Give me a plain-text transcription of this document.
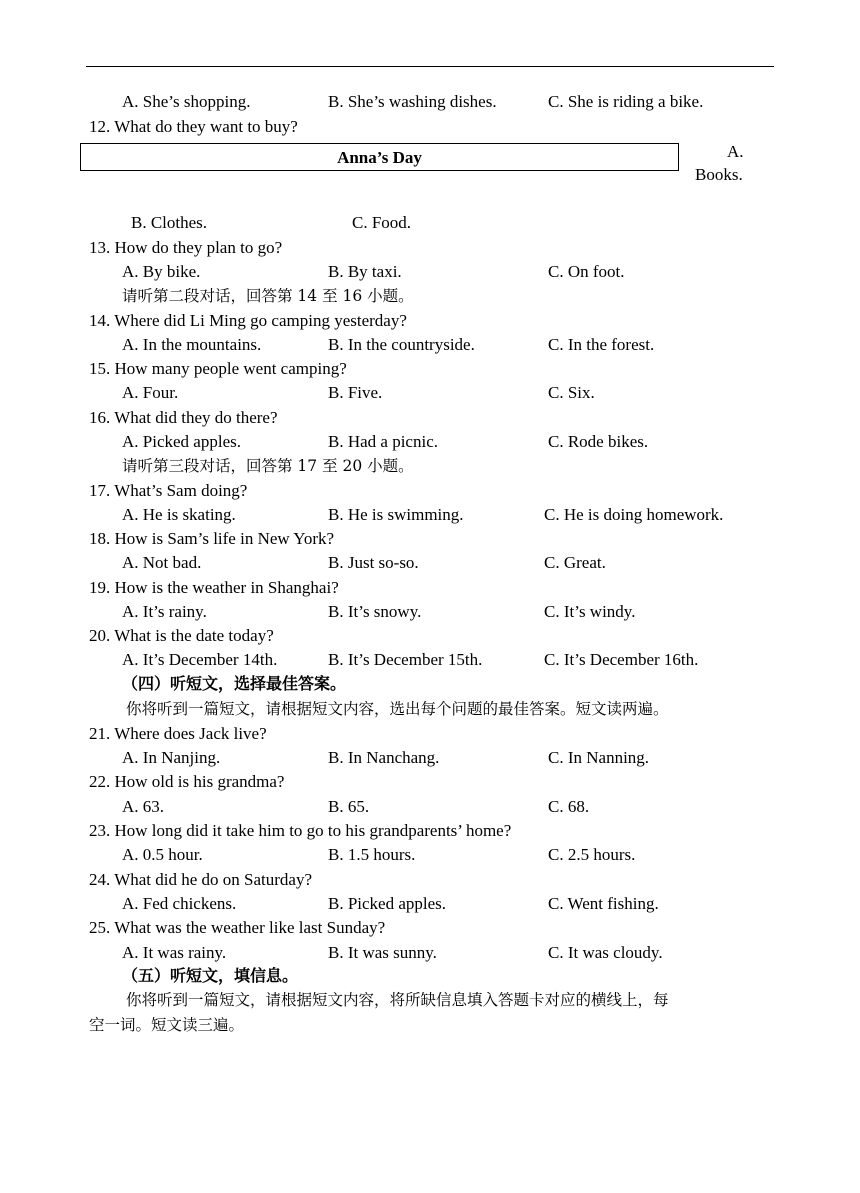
A. She’s shopping.	B. She’s washing dishes.	C. She is riding a bike.
12. What do they want to buy?
Anna’s Day	A.
Books.
B. Clothes.	C. Food.
13. How do they plan to go?
A. By bike.	B. By taxi.	C. On foot.
请听第二段对话，回答第 14 至 16 小题。
14. Where did Li Ming go camping yesterday?
A. In the mountains.	B. In the countryside.	C. In the forest.
15. How many people went camping?
A. Four.	B. Five.	C. Six.
16. What did they do there?
A. Picked apples.	B. Had a picnic.	C. Rode bikes.
请听第三段对话，回答第 17 至 20 小题。
17. What’s Sam doing?
A. He is skating.	B. He is swimming.	C. He is doing homework.
18. How is Sam’s life in New York?
A. Not bad.	B. Just so-so.	C. Great.
19. How is the weather in Shanghai?
A. It’s rainy.	B. It’s snowy.	C. It’s windy.
20. What is the date today?
A. It’s December 14th.	B. It’s December 15th.	C. It’s December 16th.
（四）听短文，选择最佳答案。
你将听到一篇短文，请根据短文内容，选出每个问题的最佳答案。短文读两遍。
21. Where does Jack live?
A. In Nanjing.	B. In Nanchang.	C. In Nanning.
22. How old is his grandma?
A. 63.	B. 65.	C. 68.
23. How long did it take him to go to his grandparents’ home?
A. 0.5 hour.	B. 1.5 hours.	C. 2.5 hours.
24. What did he do on Saturday?
A. Fed chickens.	B. Picked apples.	C. Went fishing.
25. What was the weather like last Sunday?
A. It was rainy.	B. It was sunny.	C. It was cloudy.
（五）听短文，填信息。
你将听到一篇短文，请根据短文内容，将所缺信息填入答题卡对应的横线上，每
空一词。短文读三遍。
